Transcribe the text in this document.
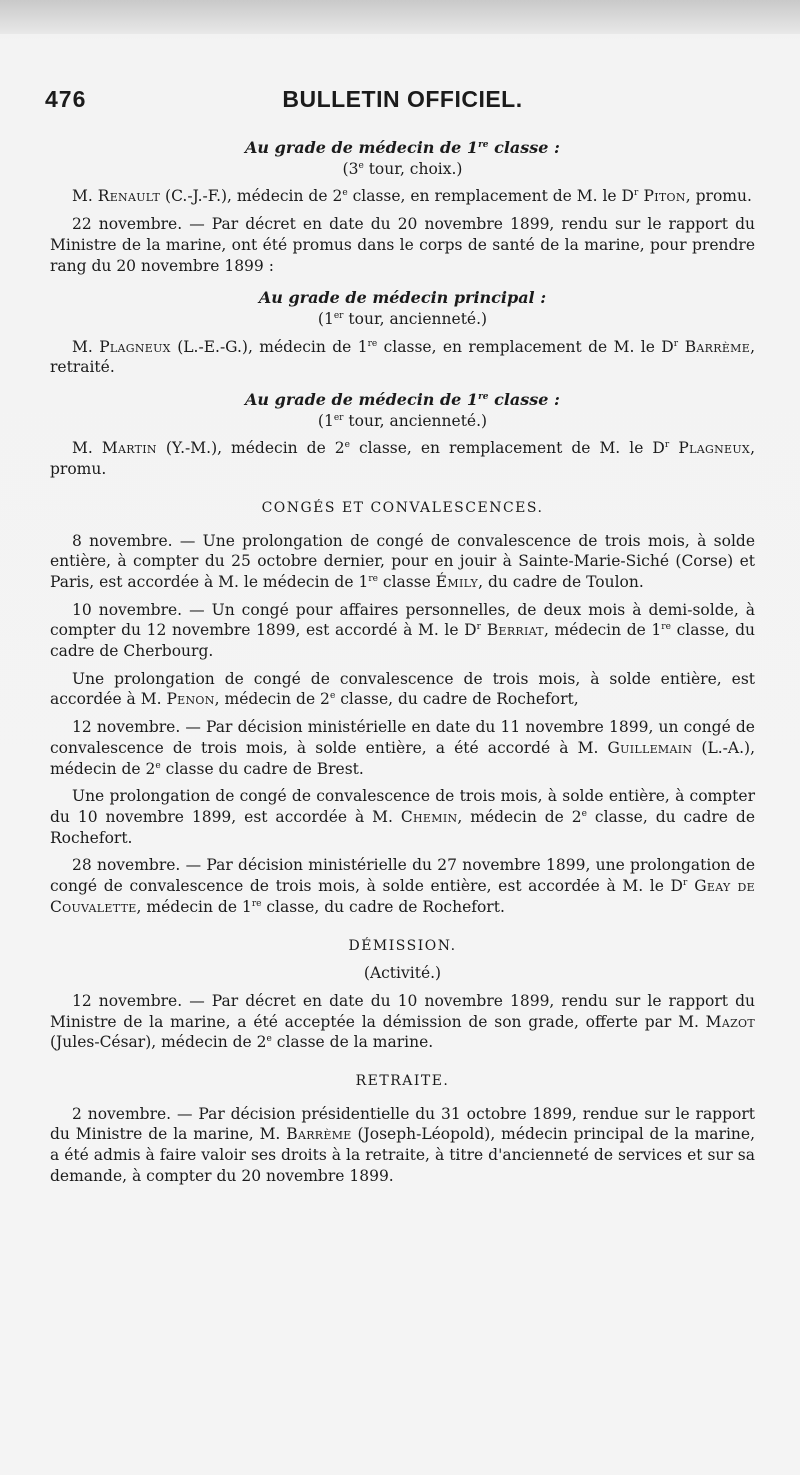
476	BULLETIN OFFICIEL.

Au grade de médecin de 1re classe :

(3e tour, choix.)

M. Renault (C.-J.-F.), médecin de 2e classe, en remplacement de M. le $D^r$ Piton, promu.

22 novembre. — Par décret en date du 20 novembre 1899, rendu sur le rapport du Ministre de la marine, ont été promus dans le corps de santé de la marine, pour prendre rang du 20 novembre 1899 :

Au grade de médecin principal :

(1er tour, ancienneté.)

M. Plagneux (L.-E.-G.), médecin de 1re classe, en remplacement de M. le $D^r$ Barrème, retraité.

Au grade de médecin de 1re classe :

(1er tour, ancienneté.)

M. Martin (Y.-M.), médecin de 2e classe, en remplacement de M. le $D^r$ Plagneux, promu.

CONGÉS ET CONVALESCENCES.

8 novembre. — Une prolongation de congé de convalescence de trois mois, à solde entière, à compter du 25 octobre dernier, pour en jouir à Sainte-Marie-Siché (Corse) et Paris, est accordée à M. le médecin de 1re classe Émily, du cadre de Toulon.

10 novembre. — Un congé pour affaires personnelles, de deux mois à demi-solde, à compter du 12 novembre 1899, est accordé à M. le $D^r$ Berriat, médecin de 1re classe, du cadre de Cherbourg.

Une prolongation de congé de convalescence de trois mois, à solde entière, est accordée à M. Penon, médecin de 2e classe, du cadre de Rochefort,

12 novembre. — Par décision ministérielle en date du 11 novembre 1899, un congé de convalescence de trois mois, à solde entière, a été accordé à M. Guillemain (L.-A.), médecin de 2e classe du cadre de Brest.

Une prolongation de congé de convalescence de trois mois, à solde entière, à compter du 10 novembre 1899, est accordée à M. Chemin, médecin de 2e classe, du cadre de Rochefort.

28 novembre. — Par décision ministérielle du 27 novembre 1899, une prolongation de congé de convalescence de trois mois, à solde entière, est accordée à M. le $D^r$ Geay de Couvalette, médecin de 1re classe, du cadre de Rochefort.

DÉMISSION.

(Activité.)

12 novembre. — Par décret en date du 10 novembre 1899, rendu sur le rapport du Ministre de la marine, a été acceptée la démission de son grade, offerte par M. Mazot (Jules-César), médecin de 2e classe de la marine.

RETRAITE.

2 novembre. — Par décision présidentielle du 31 octobre 1899, rendue sur le rapport du Ministre de la marine, M. Barrème (Joseph-Léopold), médecin principal de la marine, a été admis à faire valoir ses droits à la retraite, à titre d'ancienneté de services et sur sa demande, à compter du 20 novembre 1899.
